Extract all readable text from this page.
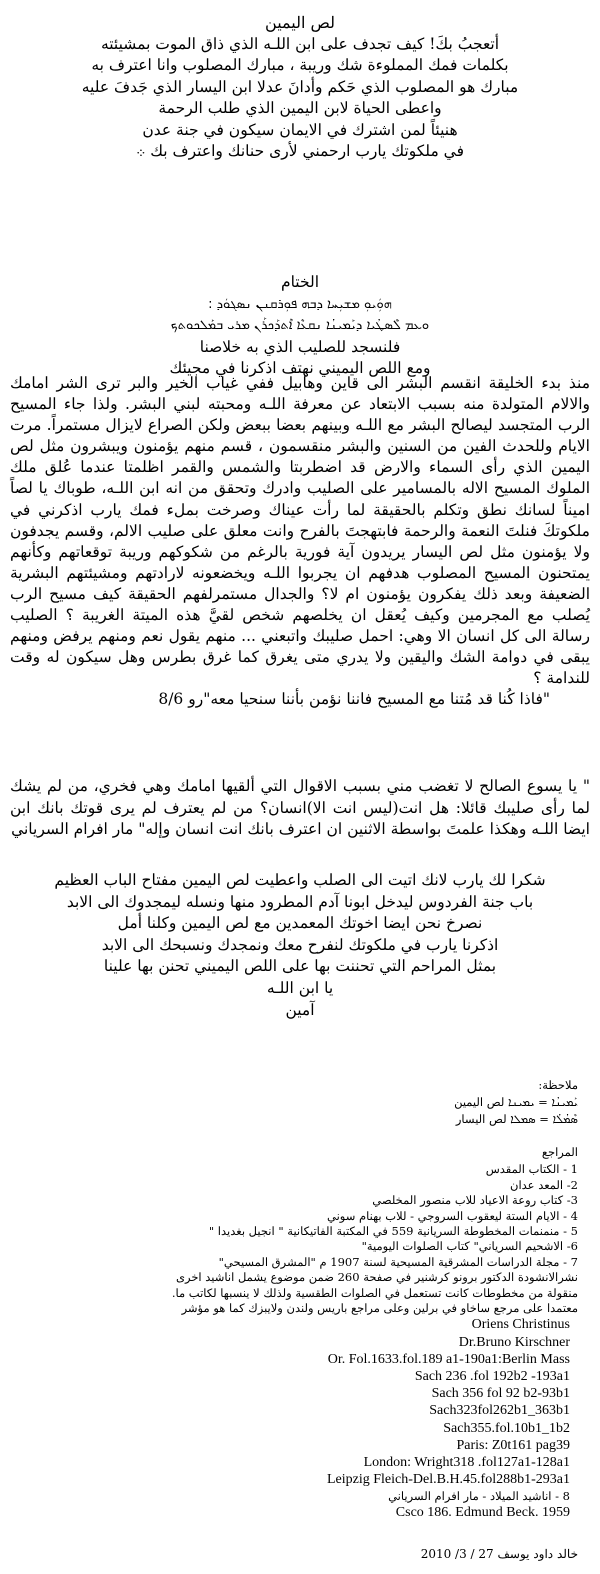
لص اليمين
أتعجبُ بكَ! كيف تجدف على ابن اللـه الذي ذاق الموت بمشيئته
بكلمات فمك المملوءة شك وريبة ، مبارك المصلوب وانا اعترف به
مبارك هو المصلوب الذي حَكم وأدانَ عدلا ابن اليسار الذي جَدفَ عليه
واعطى الحياة لابن اليمين الذي طلب الرحمة
هنيئاً لمن اشترك في الايمان سيكون في جنة عدن
في ملكوتك يارب ارحمني لأرى حنانك واعترف بك ܀
الختام
ܗܘܼܿܝܘܼ ܡܫܝܼܚܐ ܕܒܗ ܦܘܼܪܩܢܢ ܢܣܓܘܿܕ :
ܘܥܡ ܠܶܣܛܳܝܐ ܕܝܰܡܝܢܳܐ ܢܩܥܶܐ ܐܶܬܕܰܟܪܰܢ ܡܪܝ ܒܡܰܠܟܘܬܟ
فلنسجد للصليب الذي به خلاصنا
ومع اللص اليميني نهتف اذكرنا في مجيئك

منذ بدء الخليقة انقسم البشر الى قاين وهابيل ففي غياب الخير والبر ترى الشر امامك والالام المتولدة منه بسبب الابتعاد عن معرفة اللـه ومحبته لبني البشر. ولذا جاء المسيح الرب المتجسد ليصالح البشر مع اللـه وبينهم بعضا ببعض ولكن الصراع لايزال مستمراً. مرت الايام وللحدث الفين من السنين والبشر منقسمون ، قسم منهم يؤمنون ويبشرون مثل لص اليمين الذي رأى السماء والارض قد اضطربتا والشمس والقمر اظلمتا عندما عُلق ملك الملوك المسيح الاله بالمسامير على الصليب وادرك وتحقق من انه ابن اللـه، طوباك يا لصاً اميناً لسانك نطق وتكلم بالحقيقة لما رأت عيناك وصرخت بملء فمك يارب اذكرني في ملكوتكَ فنلتَ النعمة والرحمة فابتهجتَ بالفرح وانت معلق على صليب الالم، وقسم يجدفون ولا يؤمنون مثل لص اليسار يريدون آية فورية بالرغم من شكوكهم وريبة توقعاتهم وكأنهم يمتحنون المسيح المصلوب هدفهم ان يجربوا اللـه ويخضعونه لارادتهم ومشيئتهم البشرية الضعيفة وبعد ذلك يفكرون يؤمنون ام لا؟ والجدال مستمرلفهم الحقيقة كيف مسيح الرب يُصلب مع المجرمين وكيف يُعقل ان يخلصهم شخص لقيَّ هذه الميتة الغريبة ؟ الصليب رسالة الى كل انسان الا وهي: احمل صليبك واتبعني ... منهم يقول نعم ومنهم يرفض ومنهم يبقى في دوامة الشك واليقين ولا يدري متى يغرق كما غرق بطرس وهل سيكون له وقت للندامة ؟

"فاذا كُنا قد مُتنا مع المسيح فاننا نؤمن بأننا سنحيا معه"رو 8/6

" يا يسوع الصالح لا تغضب مني بسبب الاقوال التي ألقيها امامك وهي فخري، من لم يشك لما رأى صليبك قائلا: هل انت(ليس انت الا)انسان؟ من لم يعترف لم يرى قوتك بانك ابن ايضا اللـه وهكذا علمتَ بواسطة الاثنين ان اعترف بانك انت انسان وإله" مار افرام السرياني

شكرا لك يارب لانك اتيت الى الصلب واعطيت لص اليمين مفتاح الباب العظيم
باب جنة الفردوس ليدخل ابونا آدم المطرود منها ونسله ليمجدوك الى الابد
نصرخ نحن ايضا اخوتك المعمدين مع لص اليمين وكلنا أمل
اذكرنا يارب في ملكوتك لنفرح معك ونمجدك ونسبحك الى الابد
بمثل المراحم التي تحننت بها على اللص اليميني تحنن بها علينا
يا ابن اللـه
آمين
ملاحظة:
ܝܰܡܝܢܳܐ = ܝܡܝܢܐ لص اليمين
ܣܶܡܳܠܳܐ = ܣܡܠܐ لص اليسار
المراجع
1 - الكتاب المقدس
2- المعد عدان
3- كتاب روعة الاعياد للاب منصور المخلصي
4 - الايام الستة ليعقوب السروجي - للاب بهنام سوني
5 - منمنمات المخطوطة السريانية 559 في المكتبة الفاتيكانية " انجيل بغديدا "
6- الاشحيم السرياني" كتاب الصلوات اليومية"
7 - مجلة الدراسات المشرقية المسيحية لسنة 1907 م "المشرق المسيحي"
نشرالانشودة الدكتور برونو كرشنير في صفحة 260 ضمن موضوع يشمل اناشيد اخرى
منقولة من مخطوطات كانت تستعمل في الصلوات الطقسية ولذلك لا ينسبها لكاتب ما.
معتمدا على مرجع ساخاو في برلين وعلى مراجع باريس ولندن ولايبزك كما هو مؤشر
Oriens Christinus
Dr.Bruno Kirschner
Or. Fol.1633.fol.189 a1-190a1:Berlin Mass
Sach 236 .fol 192b2 -193a1
Sach 356 fol 92 b2-93b1
Sach323fol262b1_363b1
Sach355.fol.10b1_1b2
Paris: Z0t161 pag39
London: Wright318 .fol127a1-128a1
Leipzig Fleich-Del.B.H.45.fol288b1-293a1
8 - اناشيد الميلاد - مار افرام السرياني
Csco 186. Edmund Beck. 1959
خالد داود يوسف 27 / 3/ 2010
